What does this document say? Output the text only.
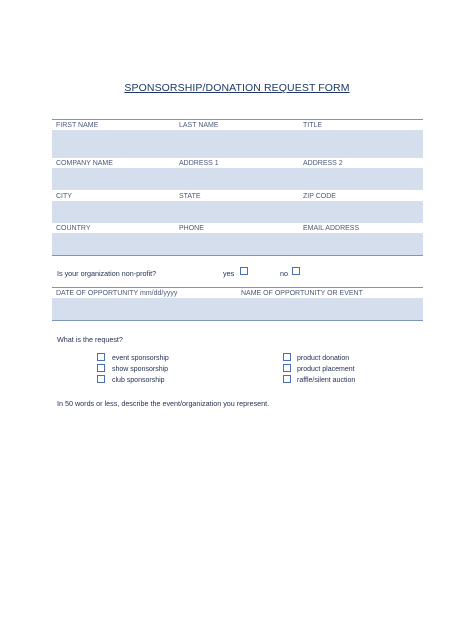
SPONSORSHIP/DONATION REQUEST FORM
FIRST NAME	LAST NAME	TITLE
COMPANY NAME	ADDRESS 1	ADDRESS 2
CITY	STATE	ZIP CODE
COUNTRY	PHONE	EMAIL ADDRESS
Is your organization non-profit?	yes	no
DATE OF OPPORTUNITY mm/dd/yyyy	NAME OF OPPORTUNITY OR EVENT
What is the request?
event sponsorship
show sponsorship
club sponsorship
product donation
product placement
raffle/silent auction
In 50 words or less, describe the event/organization you represent.
